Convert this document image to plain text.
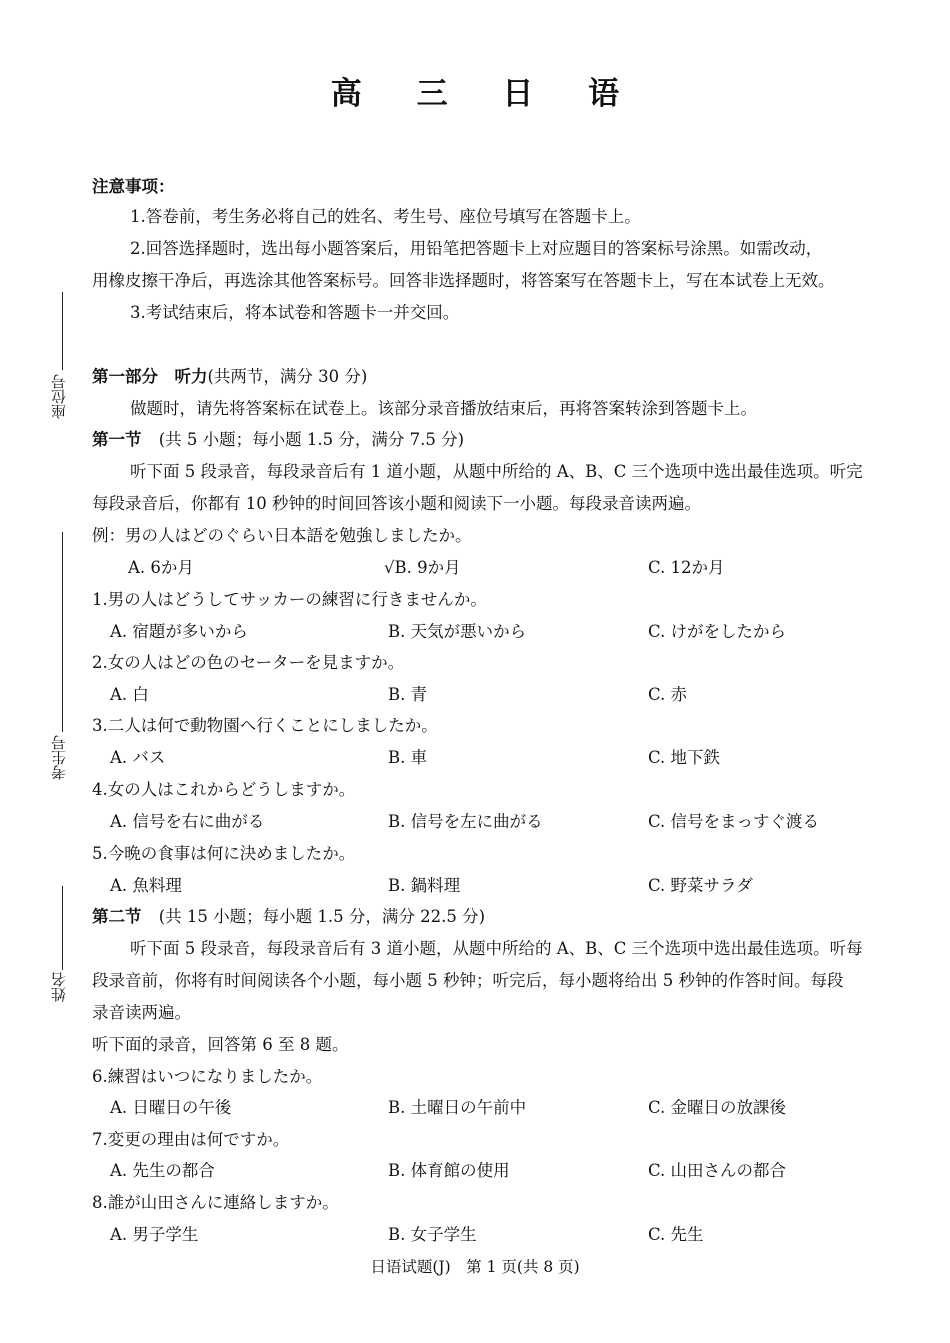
高 三 日 语
座位号
考生号
姓名
注意事项：
1.答卷前，考生务必将自己的姓名、考生号、座位号填写在答题卡上。
2.回答选择题时，选出每小题答案后，用铅笔把答题卡上对应题目的答案标号涂黑。如需改动，
用橡皮擦干净后，再选涂其他答案标号。回答非选择题时，将答案写在答题卡上，写在本试卷上无效。
3.考试结束后，将本试卷和答题卡一并交回。
第一部分　听力(共两节，满分 30 分)
做题时，请先将答案标在试卷上。该部分录音播放结束后，再将答案转涂到答题卡上。
第一节 (共 5 小题；每小题 1.5 分，满分 7.5 分)
听下面 5 段录音，每段录音后有 1 道小题，从题中所给的 A、B、C 三个选项中选出最佳选项。听完
每段录音后，你都有 10 秒钟的时间回答该小题和阅读下一小题。每段录音读两遍。
例：男の人はどのぐらい日本語を勉強しましたか。
A. 6か月	√B. 9か月	C. 12か月
1.男の人はどうしてサッカーの練習に行きませんか。
A. 宿題が多いから	B. 天気が悪いから	C. けがをしたから
2.女の人はどの色のセーターを見ますか。
A. 白	B. 青	C. 赤
3.二人は何で動物園へ行くことにしましたか。
A. バス	B. 車	C. 地下鉄
4.女の人はこれからどうしますか。
A. 信号を右に曲がる	B. 信号を左に曲がる	C. 信号をまっすぐ渡る
5.今晩の食事は何に決めましたか。
A. 魚料理	B. 鍋料理	C. 野菜サラダ
第二节 (共 15 小题；每小题 1.5 分，满分 22.5 分)
听下面 5 段录音，每段录音后有 3 道小题，从题中所给的 A、B、C 三个选项中选出最佳选项。听每
段录音前，你将有时间阅读各个小题，每小题 5 秒钟；听完后，每小题将给出 5 秒钟的作答时间。每段
录音读两遍。
听下面的录音，回答第 6 至 8 题。
6.練習はいつになりましたか。
A. 日曜日の午後	B. 土曜日の午前中	C. 金曜日の放課後
7.変更の理由は何ですか。
A. 先生の都合	B. 体育館の使用	C. 山田さんの都合
8.誰が山田さんに連絡しますか。
A. 男子学生	B. 女子学生	C. 先生
日语试题(J)　第 1 页(共 8 页)
